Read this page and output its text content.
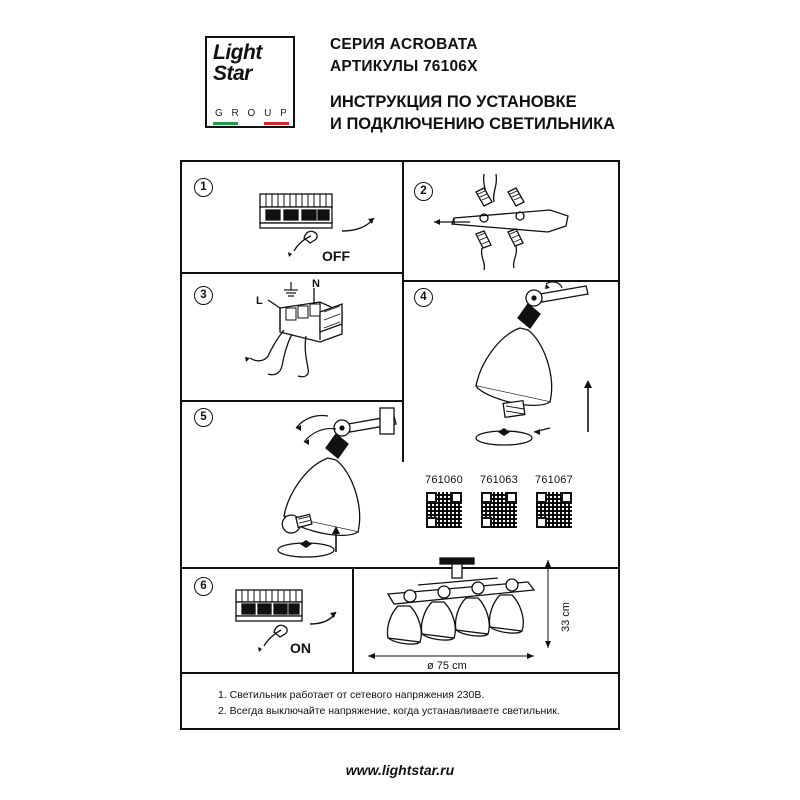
Light
Star
G R O U P
СЕРИЯ ACROBATA
АРТИКУЛЫ 76106X
ИНСТРУКЦИЯ ПО УСТАНОВКЕ
И ПОДКЛЮЧЕНИЮ СВЕТИЛЬНИКА
1
OFF
2
3
N
L	4
5
761060 761063 761067
6
ON
ø 75 cm
33 cm
1. Светильник работает от сетевого напряжения 230В.
2. Всегда выключайте напряжение, когда устанавливаете светильник.
www.lightstar.ru
